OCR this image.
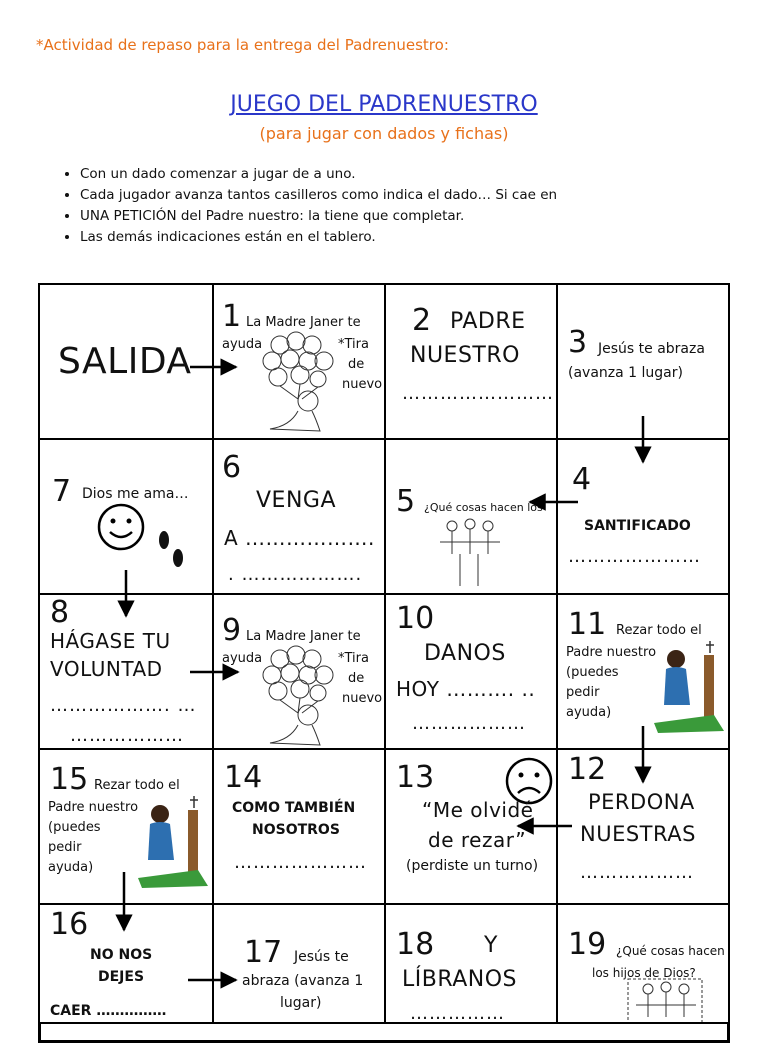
*Actividad de repaso para la entrega del Padrenuestro:
JUEGO DEL PADRENUESTRO
(para jugar con dados y fichas)
• Con un dado comenzar a jugar de a uno.
• Cada jugador avanza tantos casilleros como indica el dado… Si cae en
• UNA PETICIÓN del Padre nuestro: la tiene que completar.
• Las demás indicaciones están en el tablero.
SALIDA
1 La Madre Janer te
ayuda	*Tira
de
nuevo
2 PADRE
NUESTRO
……………………
3 Jesús te abraza
(avanza 1 lugar)
7 Dios me ama…
6
VENGA
A ……………….
. ……………….
5 ¿Qué cosas hacen los
4
SANTIFICADO
…………………
8
HÁGASE TU
VOLUNTAD
………………. …
………………
9 La Madre Janer te
ayuda	*Tira
de
nuevo
10
DANOS
HOY ………. ..
………………
11 Rezar todo el
Padre nuestro
(puedes
pedir
ayuda)
15 Rezar todo el
Padre nuestro
(puedes
pedir
ayuda)
14
COMO TAMBIÉN
NOSOTROS
…………………
13
“Me olvidé
de rezar”
(perdiste un turno)
12
PERDONA
NUESTRAS
………………
16
NO NOS
DEJES
CAER ……………
17 Jesús te
abraza (avanza 1
lugar)
18 Y
LÍBRANOS
……………
19 ¿Qué cosas hacen
los hijos de Dios?
